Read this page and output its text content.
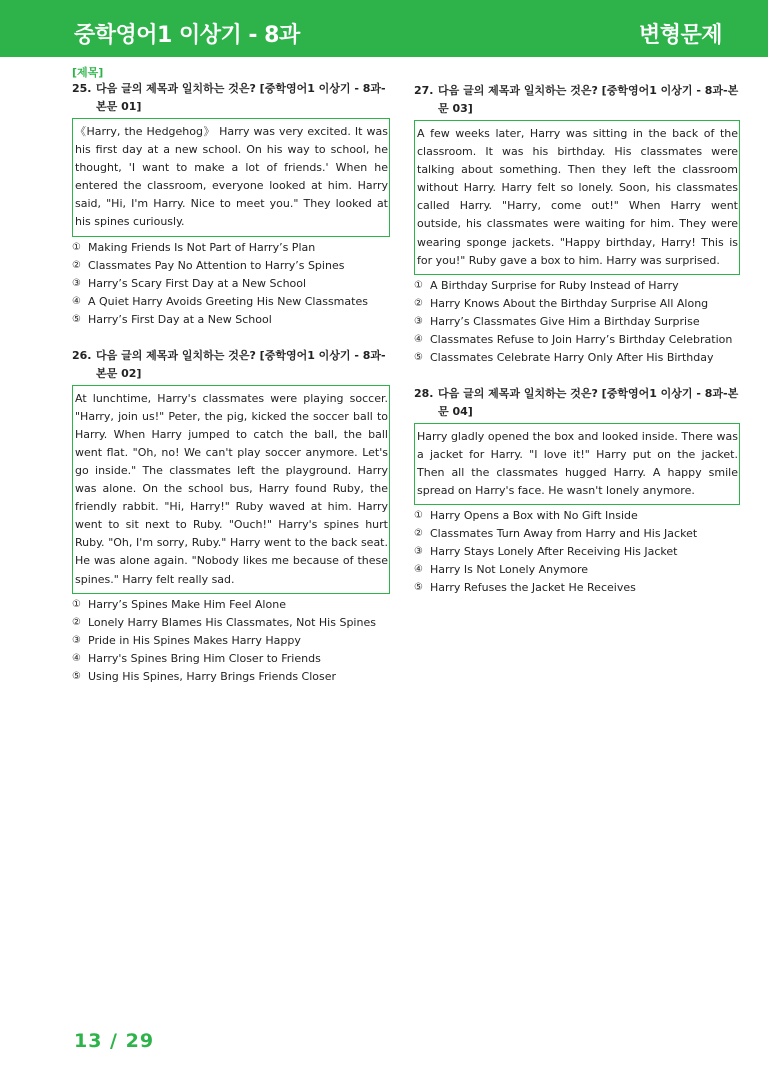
중학영어1 이상기 - 8과	변형문제
[제목]
25. 다음 글의 제목과 일치하는 것은? [중학영어1 이상기 - 8과-본문 01]
《Harry, the Hedgehog》 Harry was very excited. It was his first day at a new school. On his way to school, he thought, 'I want to make a lot of friends.' When he entered the classroom, everyone looked at him. Harry said, "Hi, I'm Harry. Nice to meet you." They looked at his spines curiously.
① Making Friends Is Not Part of Harry’s Plan
② Classmates Pay No Attention to Harry’s Spines
③ Harry’s Scary First Day at a New School
④ A Quiet Harry Avoids Greeting His New Classmates
⑤ Harry’s First Day at a New School
26. 다음 글의 제목과 일치하는 것은? [중학영어1 이상기 - 8과-본문 02]
At lunchtime, Harry's classmates were playing soccer. "Harry, join us!" Peter, the pig, kicked the soccer ball to Harry. When Harry jumped to catch the ball, the ball went flat. "Oh, no! We can't play soccer anymore. Let's go inside." The classmates left the playground. Harry was alone. On the school bus, Harry found Ruby, the friendly rabbit. "Hi, Harry!" Ruby waved at him. Harry went to sit next to Ruby. "Ouch!" Harry's spines hurt Ruby. "Oh, I'm sorry, Ruby." Harry went to the back seat. He was alone again. "Nobody likes me because of these spines." Harry felt really sad.
① Harry’s Spines Make Him Feel Alone
② Lonely Harry Blames His Classmates, Not His Spines
③ Pride in His Spines Makes Harry Happy
④ Harry's Spines Bring Him Closer to Friends
⑤ Using His Spines, Harry Brings Friends Closer
27. 다음 글의 제목과 일치하는 것은? [중학영어1 이상기 - 8과-본문 03]
A few weeks later, Harry was sitting in the back of the classroom. It was his birthday. His classmates were talking about something. Then they left the classroom without Harry. Harry felt so lonely. Soon, his classmates called Harry. "Harry, come out!" When Harry went outside, his classmates were waiting for him. They were wearing sponge jackets. "Happy birthday, Harry! This is for you!" Ruby gave a box to him. Harry was surprised.
① A Birthday Surprise for Ruby Instead of Harry
② Harry Knows About the Birthday Surprise All Along
③ Harry’s Classmates Give Him a Birthday Surprise
④ Classmates Refuse to Join Harry’s Birthday Celebration
⑤ Classmates Celebrate Harry Only After His Birthday
28. 다음 글의 제목과 일치하는 것은? [중학영어1 이상기 - 8과-본문 04]
Harry gladly opened the box and looked inside. There was a jacket for Harry. "I love it!" Harry put on the jacket. Then all the classmates hugged Harry. A happy smile spread on Harry's face. He wasn't lonely anymore.
① Harry Opens a Box with No Gift Inside
② Classmates Turn Away from Harry and His Jacket
③ Harry Stays Lonely After Receiving His Jacket
④ Harry Is Not Lonely Anymore
⑤ Harry Refuses the Jacket He Receives
13 / 29
